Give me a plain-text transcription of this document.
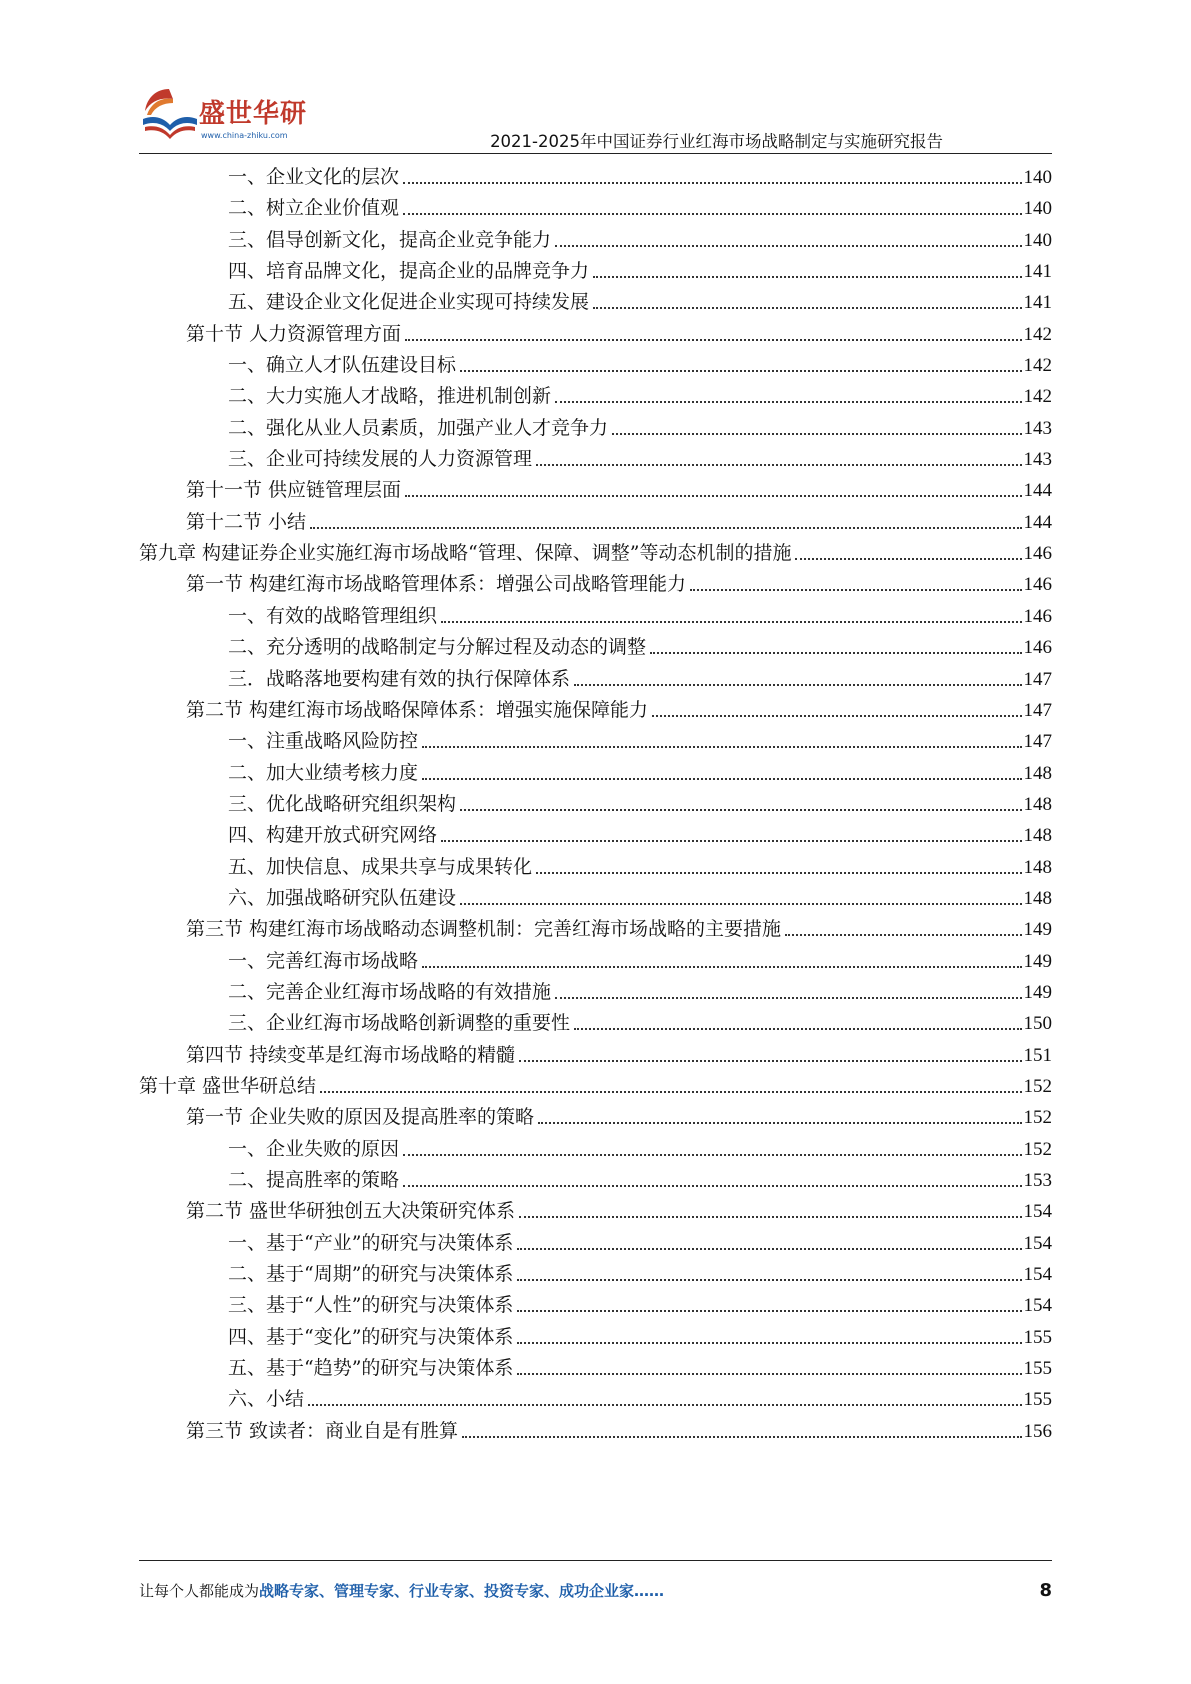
盛世华研
www.china-zhiku.com	2021-2025年中国证券行业红海市场战略制定与实施研究报告
一、企业文化的层次	140
二、树立企业价值观	140
三、倡导创新文化，提高企业竞争能力	140
四、培育品牌文化，提高企业的品牌竞争力	141
五、建设企业文化促进企业实现可持续发展	141
第十节 人力资源管理方面	142
一、确立人才队伍建设目标	142
二、大力实施人才战略，推进机制创新	142
二、强化从业人员素质，加强产业人才竞争力	143
三、企业可持续发展的人力资源管理	143
第十一节 供应链管理层面	144
第十二节 小结	144
第九章 构建证券企业实施红海市场战略“管理、保障、调整”等动态机制的措施	146
第一节 构建红海市场战略管理体系：增强公司战略管理能力	146
一、有效的战略管理组织	146
二、充分透明的战略制定与分解过程及动态的调整	146
三．战略落地要构建有效的执行保障体系	147
第二节 构建红海市场战略保障体系：增强实施保障能力	147
一、注重战略风险防控	147
二、加大业绩考核力度	148
三、优化战略研究组织架构	148
四、构建开放式研究网络	148
五、加快信息、成果共享与成果转化	148
六、加强战略研究队伍建设	148
第三节 构建红海市场战略动态调整机制：完善红海市场战略的主要措施	149
一、完善红海市场战略	149
二、完善企业红海市场战略的有效措施	149
三、企业红海市场战略创新调整的重要性	150
第四节 持续变革是红海市场战略的精髓	151
第十章 盛世华研总结	152
第一节 企业失败的原因及提高胜率的策略	152
一、企业失败的原因	152
二、提高胜率的策略	153
第二节 盛世华研独创五大决策研究体系	154
一、基于“产业”的研究与决策体系	154
二、基于“周期”的研究与决策体系	154
三、基于“人性”的研究与决策体系	154
四、基于“变化”的研究与决策体系	155
五、基于“趋势”的研究与决策体系	155
六、小结	155
第三节 致读者：商业自是有胜算	156
让每个人都能成为战略专家、管理专家、行业专家、投资专家、成功企业家……	8
